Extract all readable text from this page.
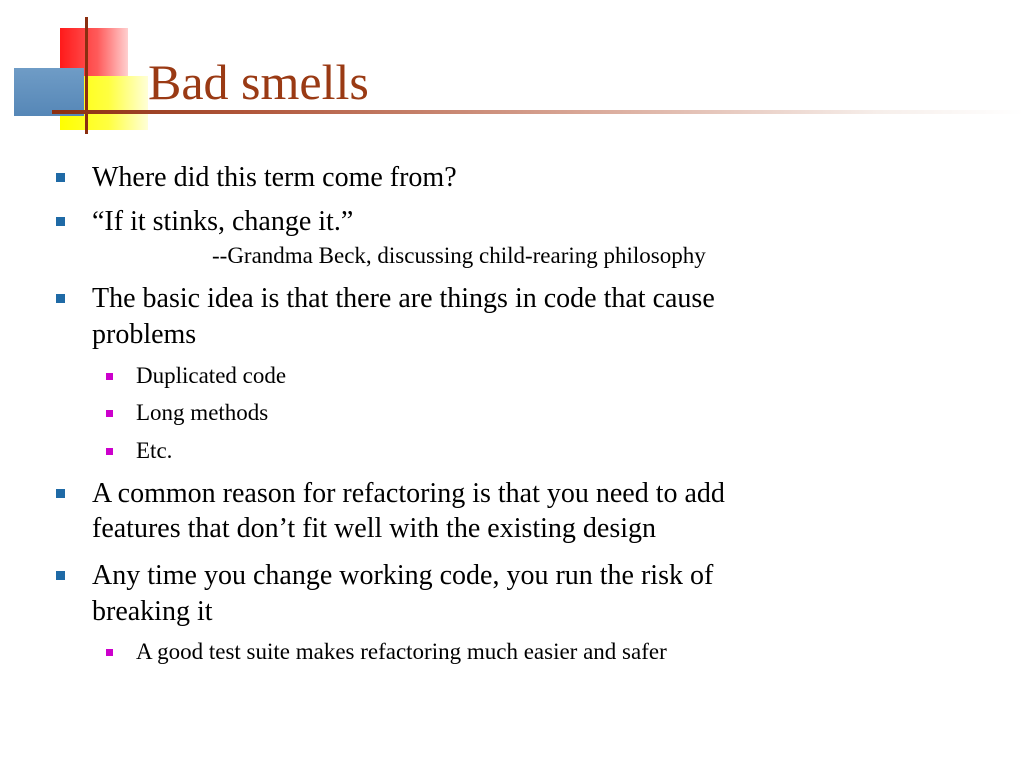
Bad smells

Where did this term come from?

“If it stinks, change it.”

--Grandma Beck, discussing child-rearing philosophy

The basic idea is that there are things in code that cause

problems

Duplicated code

Long methods

Etc.

A common reason for refactoring is that you need to add

features that don’t fit well with the existing design

Any time you change working code, you run the risk of

breaking it

A good test suite makes refactoring much easier and safer
